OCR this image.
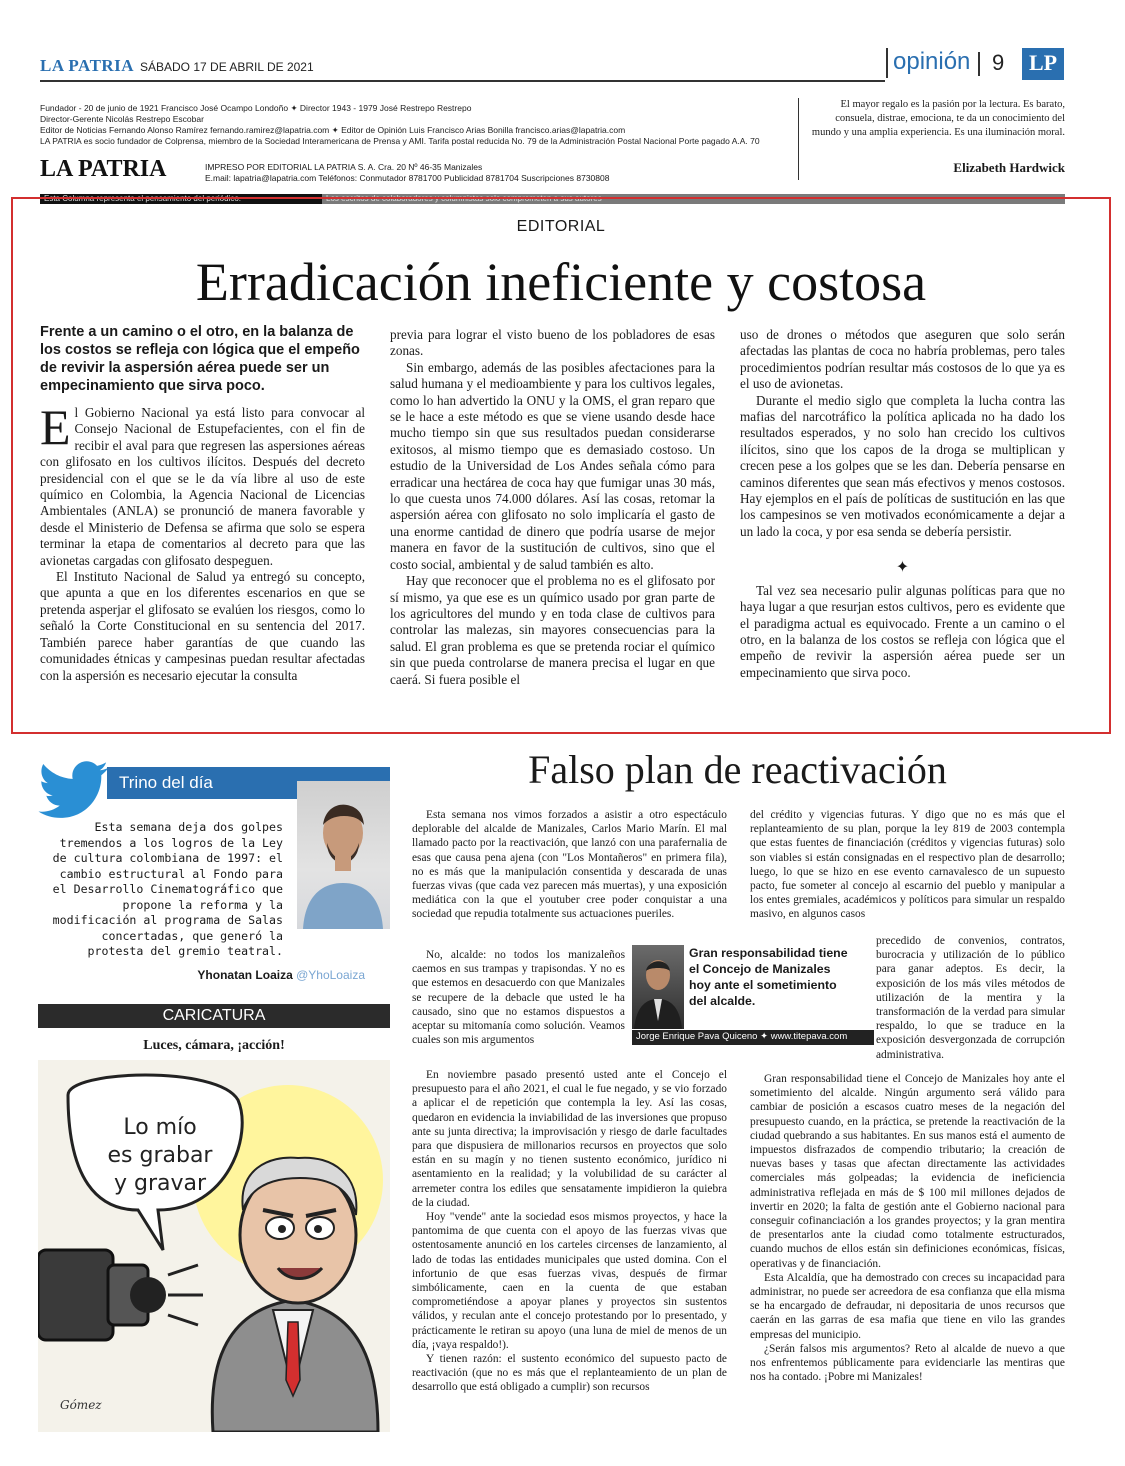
LA PATRIA SÁBADO 17 DE ABRIL DE 2021	opinión 9	LP
Fundador - 20 de junio de 1921 Francisco José Ocampo Londoño ✦ Director 1943 - 1979 José Restrepo Restrepo
Director-Gerente Nicolás Restrepo Escobar
Editor de Noticias Fernando Alonso Ramírez fernando.ramirez@lapatria.com ✦ Editor de Opinión Luis Francisco Arias Bonilla francisco.arias@lapatria.com
LA PATRIA es socio fundador de Colprensa, miembro de la Sociedad Interamericana de Prensa y AMI. Tarifa postal reducida No. 79 de la Administración Postal Nacional Porte pagado A.A. 70
LA PATRIA	IMPRESO POR EDITORIAL LA PATRIA S. A. Cra. 20 Nº 46-35 Manizales
E.mail: lapatria@lapatria.com Teléfonos: Conmutador 8781700 Publicidad 8781704 Suscripciones 8730808
El mayor regalo es la pasión por la lectura. Es barato, consuela, distrae, emociona, te da un conocimiento del mundo y una amplia experiencia. Es una iluminación moral.
Elizabeth Hardwick
Esta Columna representa el pensamiento del periódico.	Los escritos de colaboradores y columnistas solo comprometen a sus autores
EDITORIAL
Erradicación ineficiente y costosa
Frente a un camino o el otro, en la balanza de los costos se refleja con lógica que el empeño de revivir la aspersión aérea puede ser un empecinamiento que sirva poco.

El Gobierno Nacional ya está listo para convocar al Consejo Nacional de Estupefacientes, con el fin de recibir el aval para que regresen las aspersiones aéreas con glifosato en los cultivos ilícitos. Después del decreto presidencial con el que se le da vía libre al uso de este químico en Colombia, la Agencia Nacional de Licencias Ambientales (ANLA) se pronunció de manera favorable y desde el Ministerio de Defensa se afirma que solo se espera terminar la etapa de comentarios al decreto para que las avionetas cargadas con glifosato despeguen.

El Instituto Nacional de Salud ya entregó su concepto, que apunta a que en los diferentes escenarios en que se pretenda asperjar el glifosato se evalúen los riesgos, como lo señaló la Corte Constitucional en su sentencia del 2017. También parece haber garantías de que cuando las comunidades étnicas y campesinas puedan resultar afectadas con la aspersión es necesario ejecutar la consulta

previa para lograr el visto bueno de los pobladores de esas zonas.

Sin embargo, además de las posibles afectaciones para la salud humana y el medioambiente y para los cultivos legales, como lo han advertido la ONU y la OMS, el gran reparo que se le hace a este método es que se viene usando desde hace mucho tiempo sin que sus resultados puedan considerarse exitosos, al mismo tiempo que es demasiado costoso. Un estudio de la Universidad de Los Andes señala cómo para erradicar una hectárea de coca hay que fumigar unas 30 más, lo que cuesta unos 74.000 dólares. Así las cosas, retomar la aspersión aérea con glifosato no solo implicaría el gasto de una enorme cantidad de dinero que podría usarse de mejor manera en favor de la sustitución de cultivos, sino que el costo social, ambiental y de salud también es alto.

Hay que reconocer que el problema no es el glifosato por sí mismo, ya que ese es un químico usado por gran parte de los agricultores del mundo y en toda clase de cultivos para controlar las malezas, sin mayores consecuencias para la salud. El gran problema es que se pretenda rociar el químico sin que pueda controlarse de manera precisa el lugar en que caerá. Si fuera posible el

uso de drones o métodos que aseguren que solo serán afectadas las plantas de coca no habría problemas, pero tales procedimientos podrían resultar más costosos de lo que ya es el uso de avionetas.

Durante el medio siglo que completa la lucha contra las mafias del narcotráfico la política aplicada no ha dado los resultados esperados, y no solo han crecido los cultivos ilícitos, sino que los capos de la droga se multiplican y crecen pese a los golpes que se les dan. Debería pensarse en caminos diferentes que sean más efectivos y menos costosos. Hay ejemplos en el país de políticas de sustitución en las que los campesinos se ven motivados económicamente a dejar a un lado la coca, y por esa senda se debería persistir.

✦

Tal vez sea necesario pulir algunas políticas para que no haya lugar a que resurjan estos cultivos, pero es evidente que el paradigma actual es equivocado. Frente a un camino o el otro, en la balanza de los costos se refleja con lógica que el empeño de revivir la aspersión aérea puede ser un empecinamiento que sirva poco.

Trino del día
Esta semana deja dos golpes tremendos a los logros de la Ley de cultura colombiana de 1997: el cambio estructural al Fondo para el Desarrollo Cinematográfico que propone la reforma y la modificación al programa de Salas concertadas, que generó la protesta del gremio teatral.
Yhonatan Loaiza @YhoLoaiza
CARICATURA
Luces, cámara, ¡acción!
Lo mío
es grabar
y gravar
Gómez
Falso plan de reactivación

Esta semana nos vimos forzados a asistir a otro espectáculo deplorable del alcalde de Manizales, Carlos Mario Marín. El mal llamado pacto por la reactivación, que lanzó con una parafernalia de esas que causa pena ajena (con "Los Montañeros" en primera fila), no es más que la manipulación consentida y descarada de unas fuerzas vivas (que cada vez parecen más muertas), y una exposición mediática con la que el youtuber cree poder conquistar a una sociedad que repudia totalmente sus actuaciones pueriles.

No, alcalde: no todos los manizaleños caemos en sus trampas y trapisondas. Y no es que estemos en desacuerdo con que Manizales se recupere de la debacle que usted le ha causado, sino que no estamos dispuestos a aceptar su mitomanía como solución. Veamos cuales son mis argumentos

Gran responsabilidad tiene el Concejo de Manizales hoy ante el sometimiento del alcalde.
Jorge Enrique Pava Quiceno ✦ www.titepava.com

En noviembre pasado presentó usted ante el Concejo el presupuesto para el año 2021, el cual le fue negado, y se vio forzado a aplicar el de repetición que contempla la ley. Así las cosas, quedaron en evidencia la inviabilidad de las inversiones que propuso ante su junta directiva; la improvisación y riesgo de darle facultades para que dispusiera de millonarios recursos en proyectos que solo están en su magín y no tienen sustento económico, jurídico ni asentamiento en la realidad; y la volubilidad de su carácter al arremeter contra los ediles que sensatamente impidieron la quiebra de la ciudad.

Hoy "vende" ante la sociedad esos mismos proyectos, y hace la pantomima de que cuenta con el apoyo de las fuerzas vivas que ostentosamente anunció en los carteles circenses de lanzamiento, al lado de todas las entidades municipales que usted domina. Con el infortunio de que esas fuerzas vivas, después de firmar simbólicamente, caen en la cuenta de que estaban comprometiéndose a apoyar planes y proyectos sin sustentos válidos, y reculan ante el concejo protestando por lo presentado, y prácticamente le retiran su apoyo (una luna de miel de menos de un día, ¡vaya respaldo!).

Y tienen razón: el sustento económico del supuesto pacto de reactivación (que no es más que el replanteamiento de un plan de desarrollo que está obligado a cumplir) son recursos

del crédito y vigencias futuras. Y digo que no es más que el replanteamiento de su plan, porque la ley 819 de 2003 contempla que estas fuentes de financiación (créditos y vigencias futuras) solo son viables si están consignadas en el respectivo plan de desarrollo; luego, lo que se hizo en ese evento carnavalesco de un supuesto pacto, fue someter al concejo al escarnio del pueblo y manipular a los entes gremiales, académicos y políticos para simular un respaldo masivo, en algunos casos

precedido de convenios, contratos, burocracia y utilización de lo público para ganar adeptos. Es decir, la exposición de los más viles métodos de utilización de la mentira y la transformación de la verdad para simular respaldo, lo que se traduce en la exposición desvergonzada de corrupción administrativa.

Gran responsabilidad tiene el Concejo de Manizales hoy ante el sometimiento del alcalde. Ningún argumento será válido para cambiar de posición a escasos cuatro meses de la negación del presupuesto cuando, en la práctica, se pretende la reactivación de la ciudad quebrando a sus habitantes. En sus manos está el aumento de impuestos disfrazados de compendio tributario; la creación de nuevas bases y tasas que afectan directamente las actividades comerciales más golpeadas; la evidencia de ineficiencia administrativa reflejada en más de $ 100 mil millones dejados de invertir en 2020; la falta de gestión ante el Gobierno nacional para conseguir cofinanciación a los grandes proyectos; y la gran mentira de presentarlos ante la ciudad como totalmente estructurados, cuando muchos de ellos están sin definiciones económicas, físicas, operativas y de financiación.

Esta Alcaldía, que ha demostrado con creces su incapacidad para administrar, no puede ser acreedora de esa confianza que ella misma se ha encargado de defraudar, ni depositaria de unos recursos que caerán en las garras de esa mafia que tiene en vilo las grandes empresas del municipio.

¿Serán falsos mis argumentos? Reto al alcalde de nuevo a que nos enfrentemos públicamente para evidenciarle las mentiras que nos ha contado. ¡Pobre mi Manizales!
